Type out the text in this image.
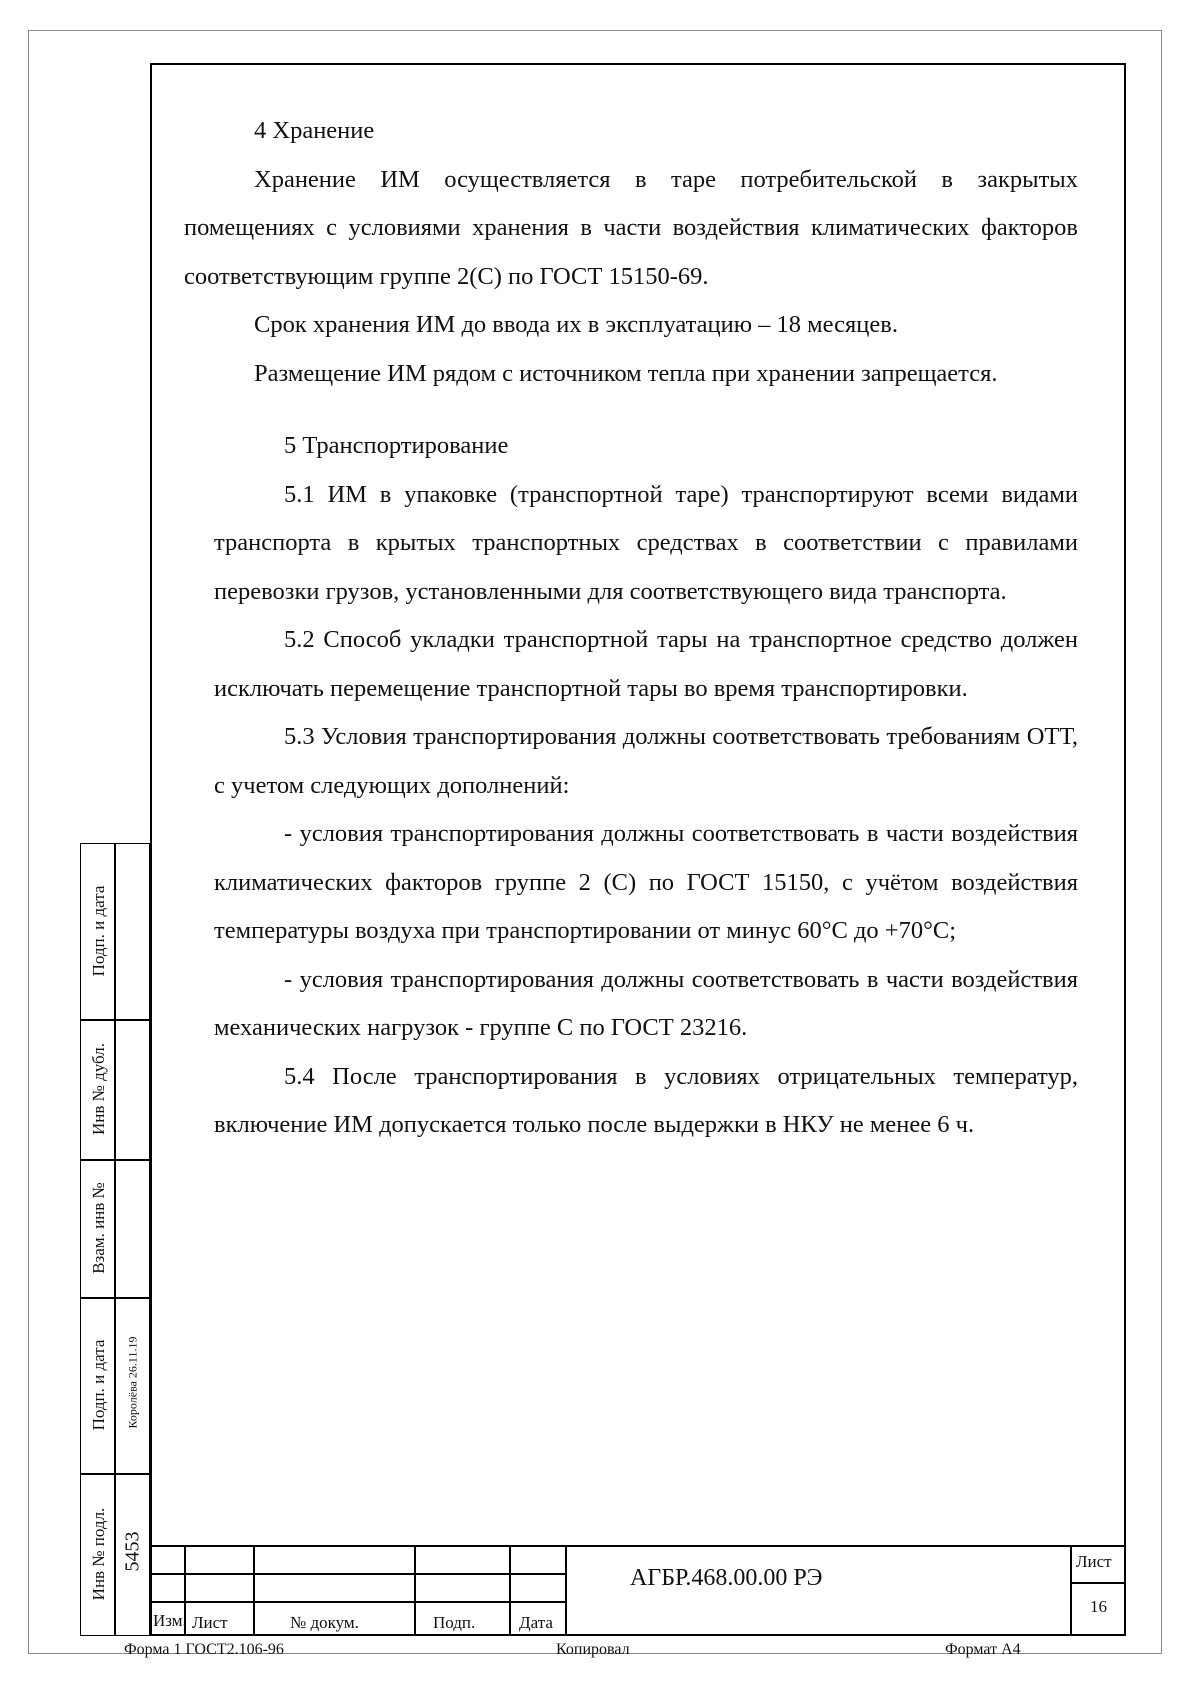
4 Хранение

Хранение ИМ осуществляется в таре потребительской в закрытых помещениях с условиями хранения в части воздействия климатических факторов соответствующим группе 2(С) по ГОСТ 15150-69.

Срок хранения ИМ до ввода их в эксплуатацию – 18 месяцев.

Размещение ИМ рядом с источником тепла при хранении запрещается.

5 Транспортирование

5.1 ИМ в упаковке (транспортной таре) транспортируют всеми видами транспорта в крытых транспортных средствах в соответствии с правилами перевозки грузов, установленными для соответствующего вида транспорта.

5.2 Способ укладки транспортной тары на транспортное средство должен исключать перемещение транспортной тары во время транспортировки.

5.3 Условия транспортирования должны соответствовать требованиям ОТТ, с учетом следующих дополнений:

- условия транспортирования должны соответствовать в части воздействия климатических факторов группе 2 (С) по ГОСТ 15150, с учётом воздействия температуры воздуха при транспортировании от минус 60°С до +70°С;

- условия транспортирования должны соответствовать в части воздействия механических нагрузок - группе С по ГОСТ 23216.

5.4 После транспортирования в условиях отрицательных температур, включение ИМ допускается только после выдержки в НКУ не менее 6 ч.

Подп. и дата
Инв № дубл.
Взам. инв №
Подп. и дата Королёва 26.11.19
Инв № подл. 5453
Изм. Лист	№ докум.	Подп.	Дата
Лист
16
АГБР.468.00.00 РЭ
Форма 1 ГОСТ2.106-96	Копировал	Формат А4
